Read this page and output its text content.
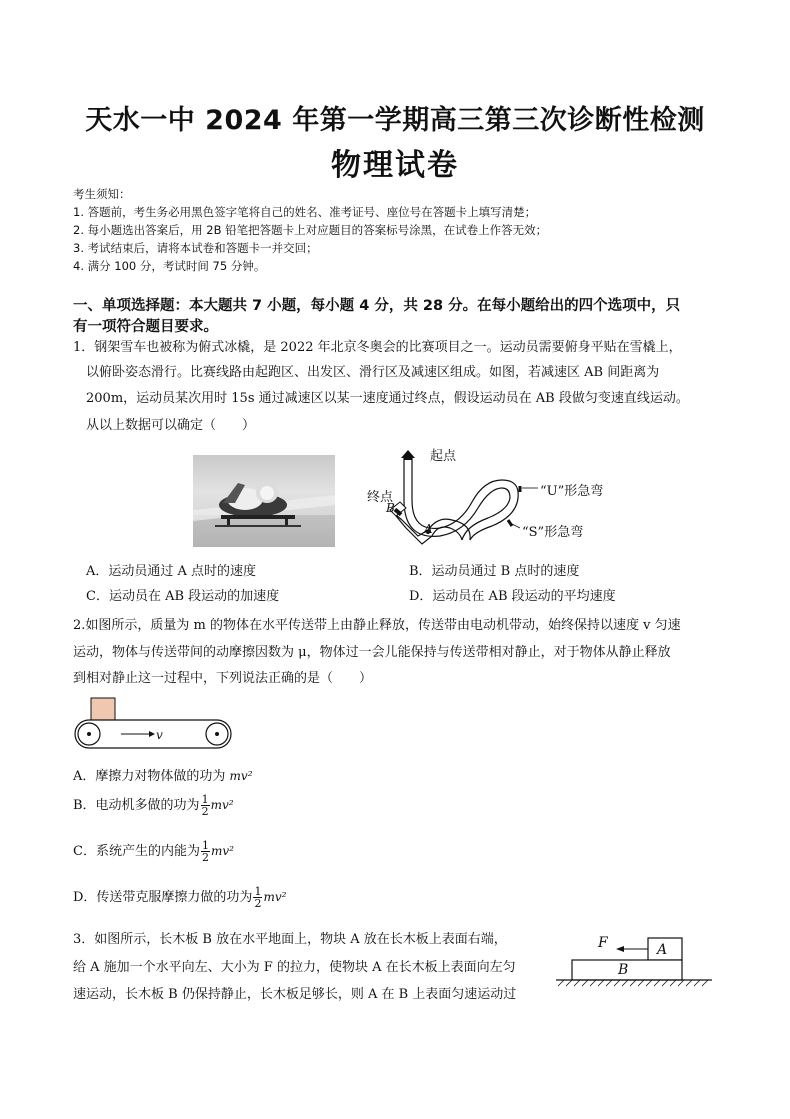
天水一中 2024 年第一学期高三第三次诊断性检测
物理试卷
考生须知：
1. 答题前，考生务必用黑色签字笔将自己的姓名、准考证号、座位号在答题卡上填写清楚；
2. 每小题选出答案后，用 2B 铅笔把答题卡上对应题目的答案标号涂黑，在试卷上作答无效；
3. 考试结束后，请将本试卷和答题卡一并交回；
4. 满分 100 分，考试时间 75 分钟。
一、单项选择题：本大题共 7 小题，每小题 4 分，共 28 分。在每小题给出的四个选项中，只
有一项符合题目要求。
1．钢架雪车也被称为俯式冰橇，是 2022 年北京冬奥会的比赛项目之一。运动员需要俯身平贴在雪橇上，
以俯卧姿态滑行。比赛线路由起跑区、出发区、滑行区及减速区组成。如图，若减速区 AB 间距离为
200m，运动员某次用时 15s 通过减速区以某一速度通过终点，假设运动员在 AB 段做匀变速直线运动。
从以上数据可以确定（　　）
起点
终点
B
A
“U”形急弯
“S”形急弯
A．运动员通过 A 点时的速度	B．运动员通过 B 点时的速度
C．运动员在 AB 段运动的加速度	D．运动员在 AB 段运动的平均速度
2.如图所示，质量为 m 的物体在水平传送带上由静止释放，传送带由电动机带动，始终保持以速度 v 匀速
运动，物体与传送带间的动摩擦因数为 μ，物体过一会儿能保持与传送带相对静止，对于物体从静止释放
到相对静止这一过程中，下列说法正确的是（　　）
v
A．摩擦力对物体做的功为 mv²
B．电动机多做的功为 $\frac{1}{2} mv^2$
C．系统产生的内能为 $\frac{1}{2} mv^2$
D．传送带克服摩擦力做的功为 $\frac{1}{2} mv^2$
3．如图所示，长木板 B 放在水平地面上，物块 A 放在长木板上表面右端，
给 A 施加一个水平向左、大小为 F 的拉力，使物块 A 在长木板上表面向左匀
速运动，长木板 B 仍保持静止，长木板足够长，则 A 在 B 上表面匀速运动过
F	A
B
